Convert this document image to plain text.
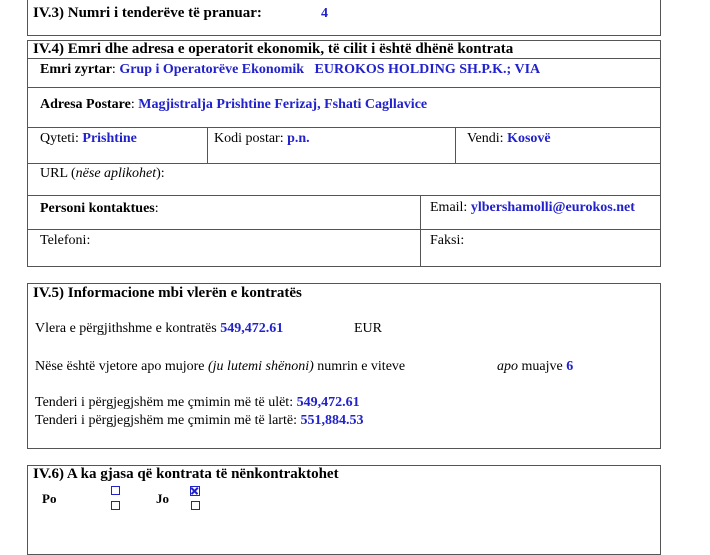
IV.3) Numri i tenderëve të pranuar:	4
IV.4) Emri dhe adresa e operatorit ekonomik, të cilit i është dhënë kontrata
Emri zyrtar: Grup i Operatorëve Ekonomik   EUROKOS HOLDING SH.P.K.; VIA
Adresa Postare: Magjistralja Prishtine Ferizaj, Fshati Cagllavice
Qyteti: Prishtine	Kodi postar: p.n.	Vendi: Kosovë
URL (nëse aplikohet):
Personi kontaktues:	Email: ylbershamolli@eurokos.net
Telefoni:	Faksi:
IV.5) Informacione mbi vlerën e kontratës
Vlera e përgjithshme e kontratës 549,472.61	EUR
Nëse është vjetore apo mujore (ju lutemi shënoni) numrin e viteve	apo muajve 6
Tenderi i përgjegjshëm me çmimin më të ulët: 549,472.61
Tenderi i përgjegjshëm me çmimin më të lartë: 551,884.53
IV.6) A ka gjasa që kontrata të nënkontraktohet
Po	Jo
